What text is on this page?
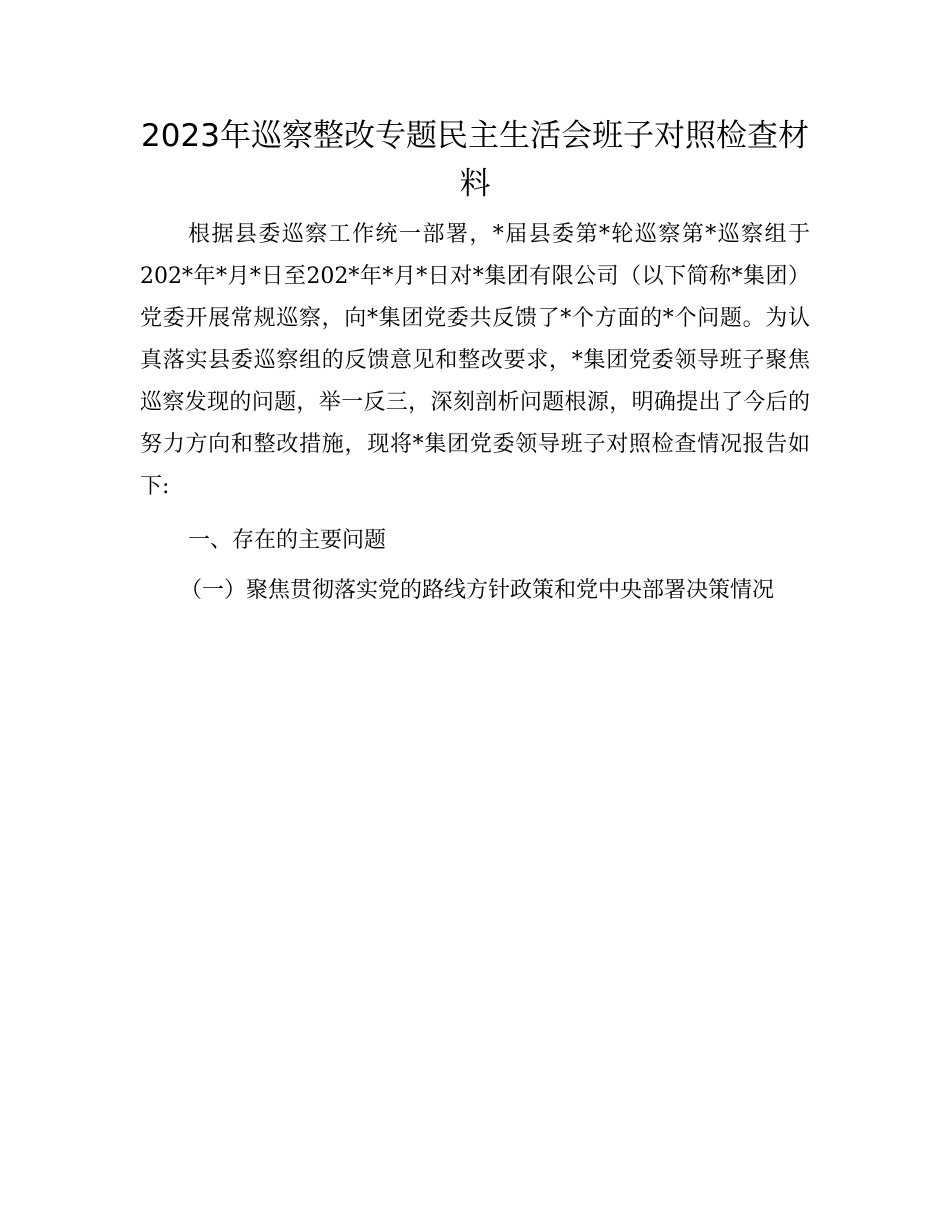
2023年巡察整改专题民主生活会班子对照检查材料

根据县委巡察工作统一部署，*届县委第*轮巡察第*巡察组于202*年*月*日至202*年*月*日对*集团有限公司（以下简称*集团）党委开展常规巡察，向*集团党委共反馈了*个方面的*个问题。为认真落实县委巡察组的反馈意见和整改要求，*集团党委领导班子聚焦巡察发现的问题，举一反三，深刻剖析问题根源，明确提出了今后的努力方向和整改措施，现将*集团党委领导班子对照检查情况报告如下:

一、存在的主要问题

（一）聚焦贯彻落实党的路线方针政策和党中央部署决策情况
